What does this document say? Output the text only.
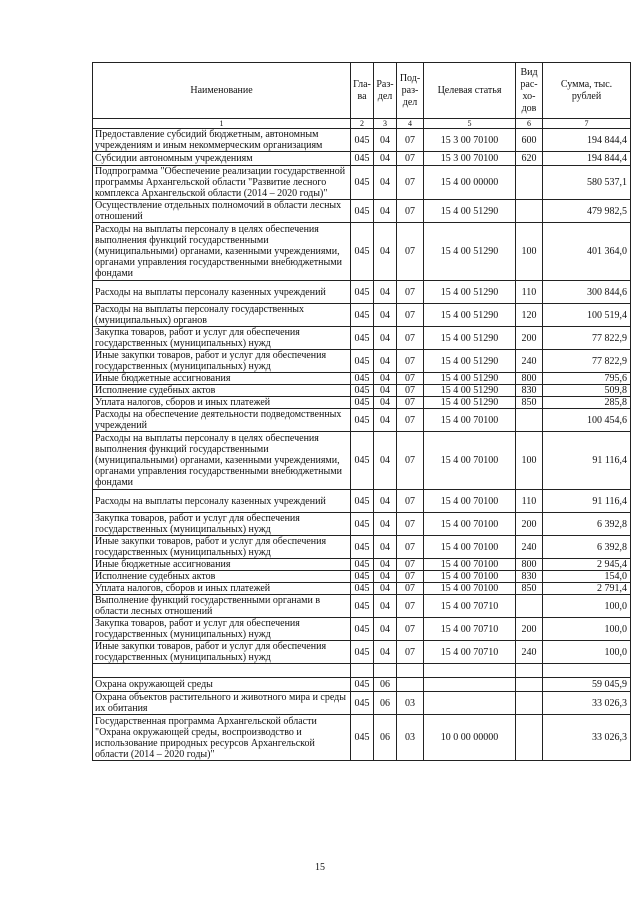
Наименование	Гла-ва	Раз-дел	Под-раз-дел	Целевая статья	Вид рас-хо-дов	Сумма, тыс. рублей
1	2	3	4	5	6	7
Предоставление субсидий бюджетным, автономным учреждениям и иным некоммерческим организациям	045	04	07	15 3 00 70100	600	194 844,4
Субсидии автономным учреждениям	045	04	07	15 3 00 70100	620	194 844,4
Подпрограмма "Обеспечение реализации государственной программы Архангельской области "Развитие лесного комплекса Архангельской области (2014 – 2020 годы)"	045	04	07	15 4 00 00000		580 537,1
Осуществление отдельных полномочий в области лесных отношений	045	04	07	15 4 00 51290		479 982,5
Расходы на выплаты персоналу в целях обеспечения выполнения функций государственными (муниципальными) органами, казенными учреждениями, органами управления государственными внебюджетными фондами	045	04	07	15 4 00 51290	100	401 364,0
Расходы на выплаты персоналу казенных учреждений	045	04	07	15 4 00 51290	110	300 844,6
Расходы на выплаты персоналу государственных (муниципальных) органов	045	04	07	15 4 00 51290	120	100 519,4
Закупка товаров, работ и услуг для обеспечения государственных (муниципальных) нужд	045	04	07	15 4 00 51290	200	77 822,9
Иные закупки товаров, работ и услуг для обеспечения государственных (муниципальных) нужд	045	04	07	15 4 00 51290	240	77 822,9
Иные бюджетные ассигнования	045	04	07	15 4 00 51290	800	795,6
Исполнение судебных актов	045	04	07	15 4 00 51290	830	509,8
Уплата налогов, сборов и иных платежей	045	04	07	15 4 00 51290	850	285,8
Расходы на обеспечение деятельности подведомственных учреждений	045	04	07	15 4 00 70100		100 454,6
Расходы на выплаты персоналу в целях обеспечения выполнения функций государственными (муниципальными) органами, казенными учреждениями, органами управления государственными внебюджетными фондами	045	04	07	15 4 00 70100	100	91 116,4
Расходы на выплаты персоналу казенных учреждений	045	04	07	15 4 00 70100	110	91 116,4
Закупка товаров, работ и услуг для обеспечения государственных (муниципальных) нужд	045	04	07	15 4 00 70100	200	6 392,8
Иные закупки товаров, работ и услуг для обеспечения государственных (муниципальных) нужд	045	04	07	15 4 00 70100	240	6 392,8
Иные бюджетные ассигнования	045	04	07	15 4 00 70100	800	2 945,4
Исполнение судебных актов	045	04	07	15 4 00 70100	830	154,0
Уплата налогов, сборов и иных платежей	045	04	07	15 4 00 70100	850	2 791,4
Выполнение функций государственными органами в области лесных отношений	045	04	07	15 4 00 70710		100,0
Закупка товаров, работ и услуг для обеспечения государственных (муниципальных) нужд	045	04	07	15 4 00 70710	200	100,0
Иные закупки товаров, работ и услуг для обеспечения государственных (муниципальных) нужд	045	04	07	15 4 00 70710	240	100,0

Охрана окружающей среды	045	06				59 045,9
Охрана объектов растительного и животного мира и среды их обитания	045	06	03			33 026,3
Государственная программа Архангельской области "Охрана окружающей среды, воспроизводство и использование природных ресурсов Архангельской области (2014 – 2020 годы)"	045	06	03	10 0 00 00000		33 026,3
15
